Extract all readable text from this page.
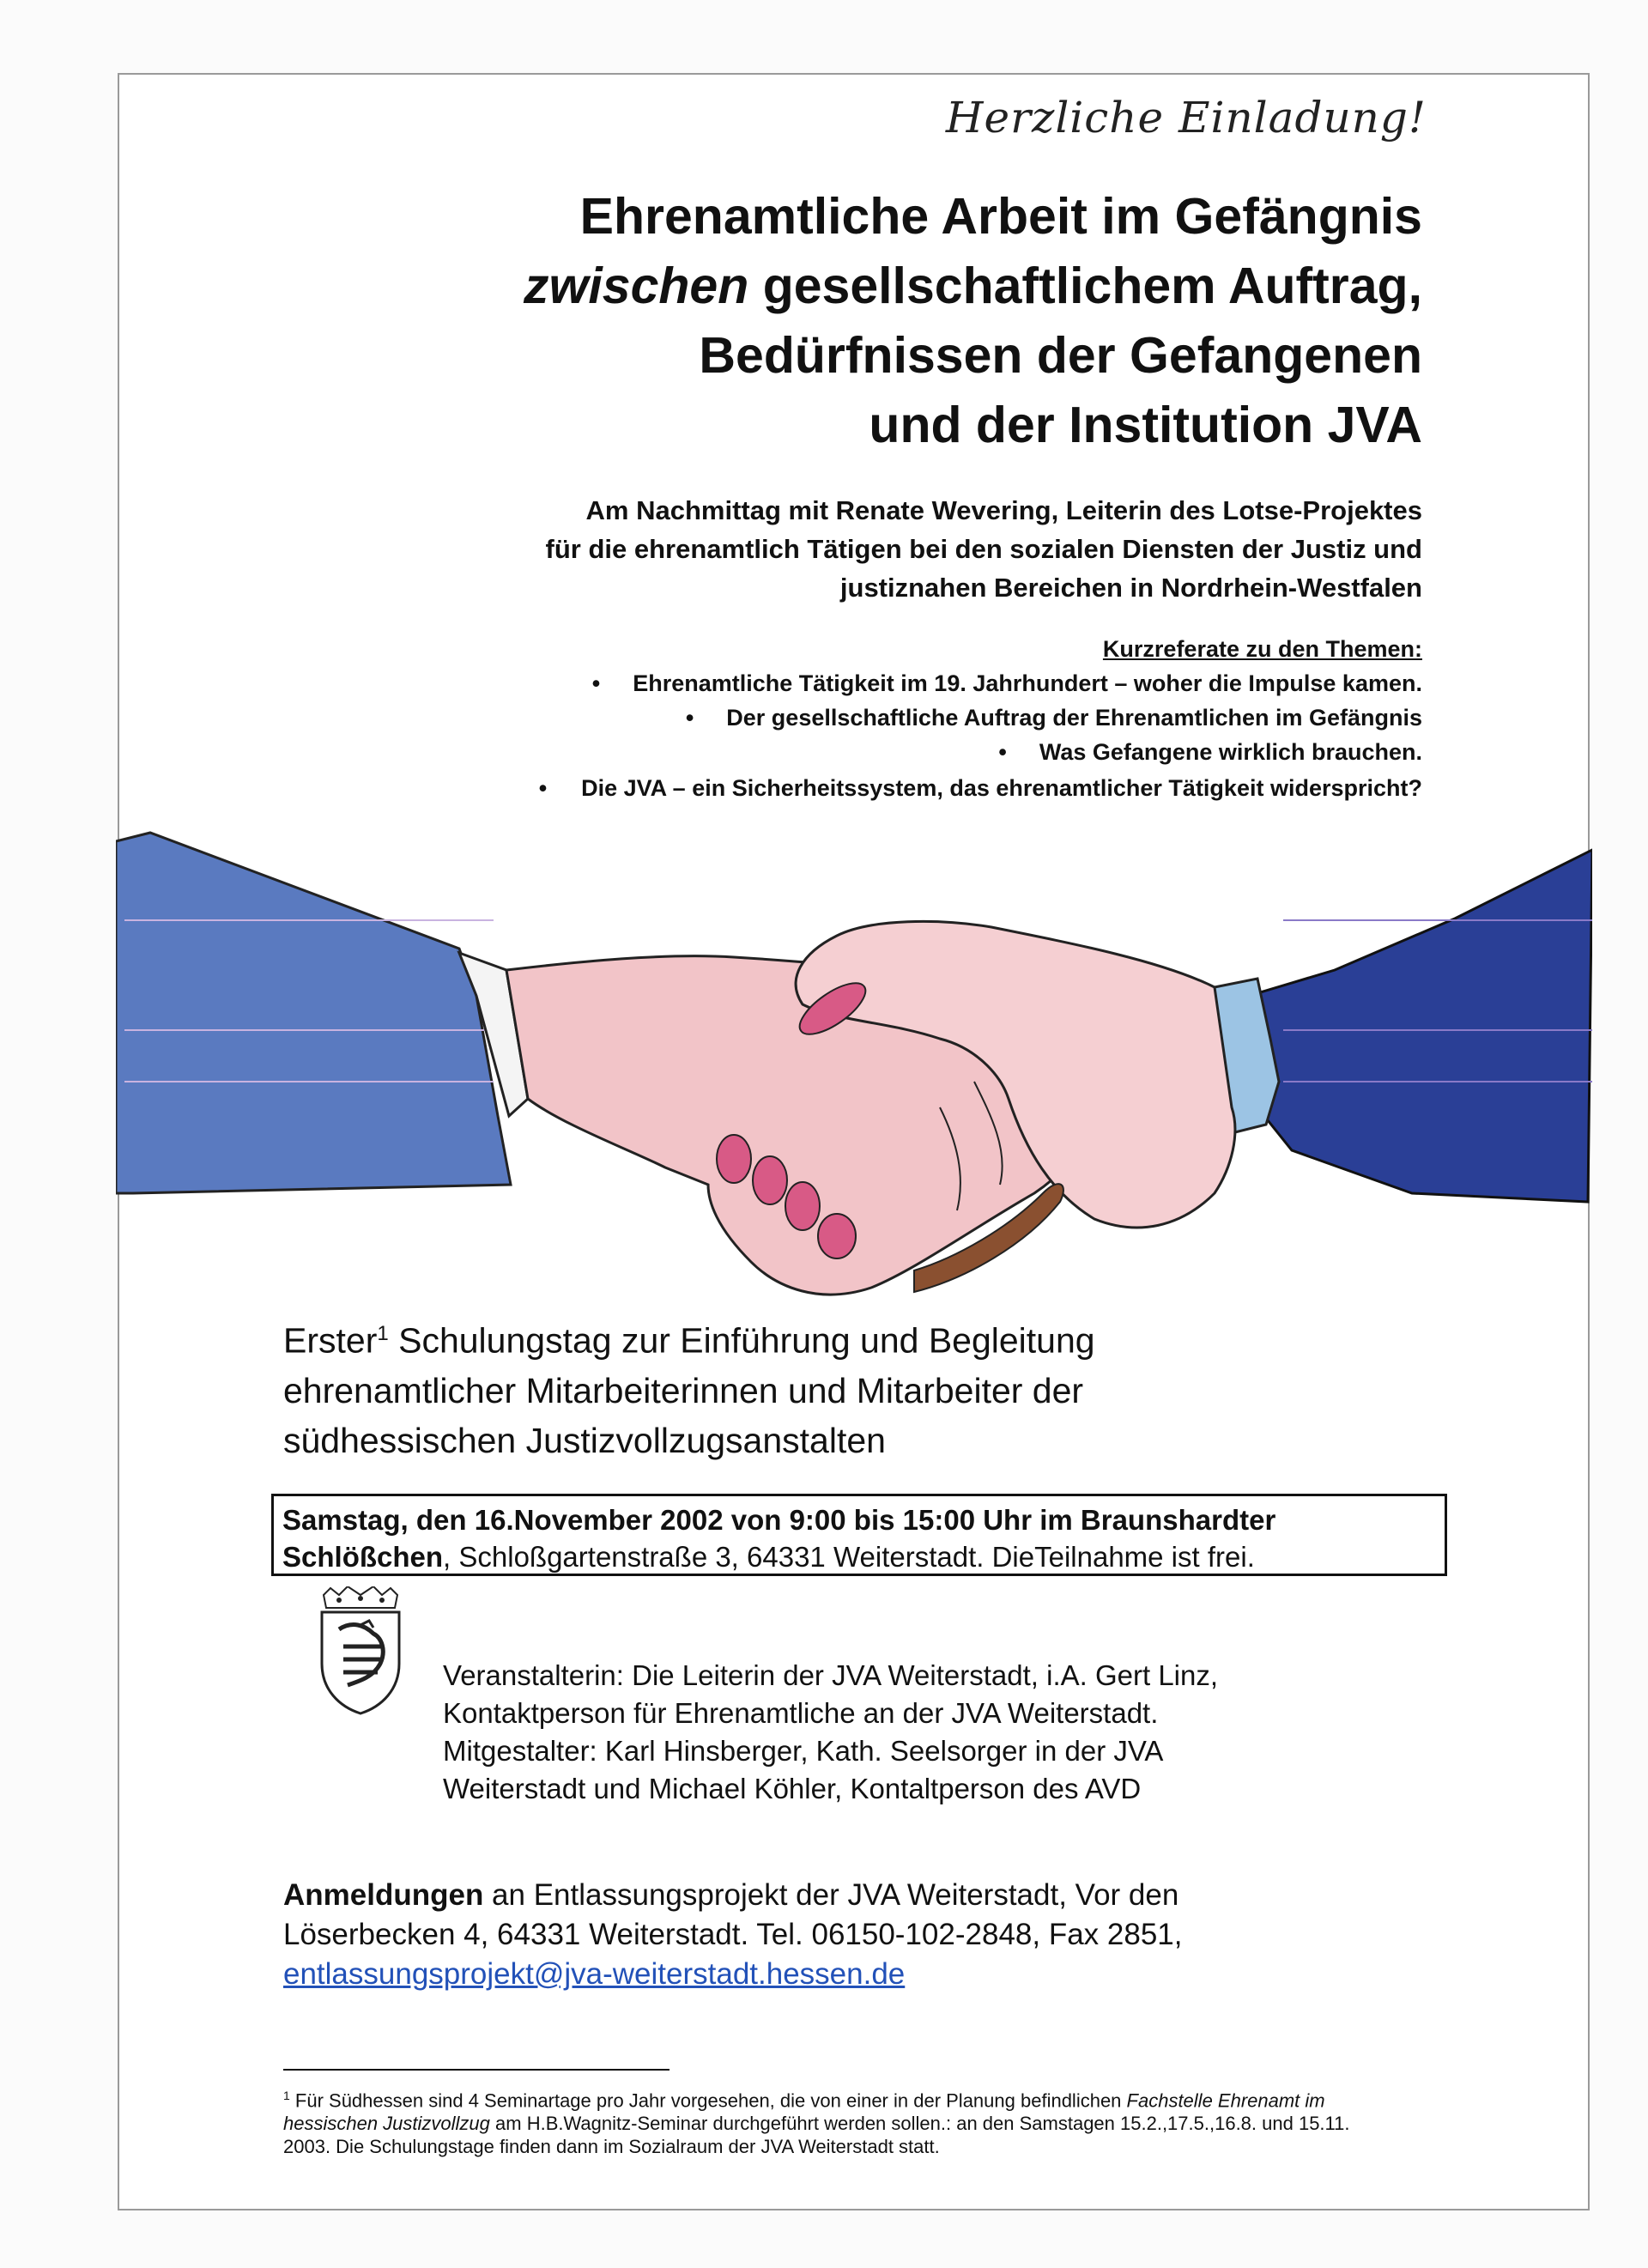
Herzliche Einladung!
Ehrenamtliche Arbeit im Gefängnis
zwischen gesellschaftlichem Auftrag,
Bedürfnissen der Gefangenen
und der Institution JVA
Am Nachmittag mit Renate Wevering, Leiterin des Lotse-Projektes
für die ehrenamtlich Tätigen bei den sozialen Diensten der Justiz und
justiznahen Bereichen in Nordrhein-Westfalen
Kurzreferate zu den Themen:
• Ehrenamtliche Tätigkeit im 19. Jahrhundert – woher die Impulse kamen.
• Der gesellschaftliche Auftrag der Ehrenamtlichen im Gefängnis
• Was Gefangene wirklich brauchen.
• Die JVA – ein Sicherheitssystem, das ehrenamtlicher Tätigkeit widerspricht?
Erster$^1$ Schulungstag zur Einführung und Begleitung
ehrenamtlicher Mitarbeiterinnen und Mitarbeiter der
südhessischen Justizvollzugsanstalten
Samstag, den 16.November 2002 von 9:00 bis 15:00 Uhr im Braunshardter
Schlößchen, Schloßgartenstraße 3, 64331 Weiterstadt. DieTeilnahme ist frei.
Veranstalterin: Die Leiterin der JVA Weiterstadt, i.A. Gert Linz,
Kontaktperson für Ehrenamtliche an der JVA Weiterstadt.
Mitgestalter: Karl Hinsberger, Kath. Seelsorger in der JVA
Weiterstadt und Michael Köhler, Kontaltperson des AVD
Anmeldungen an Entlassungsprojekt der JVA Weiterstadt, Vor den
Löserbecken 4, 64331 Weiterstadt. Tel. 06150-102-2848, Fax 2851,
entlassungsprojekt@jva-weiterstadt.hessen.de
$^1$ Für Südhessen sind 4 Seminartage pro Jahr vorgesehen, die von einer in der Planung befindlichen Fachstelle Ehrenamt im hessischen Justizvollzug am H.B.Wagnitz-Seminar durchgeführt werden sollen.: an den Samstagen 15.2.,17.5.,16.8. und 15.11. 2003. Die Schulungstage finden dann im Sozialraum der JVA Weiterstadt statt.
